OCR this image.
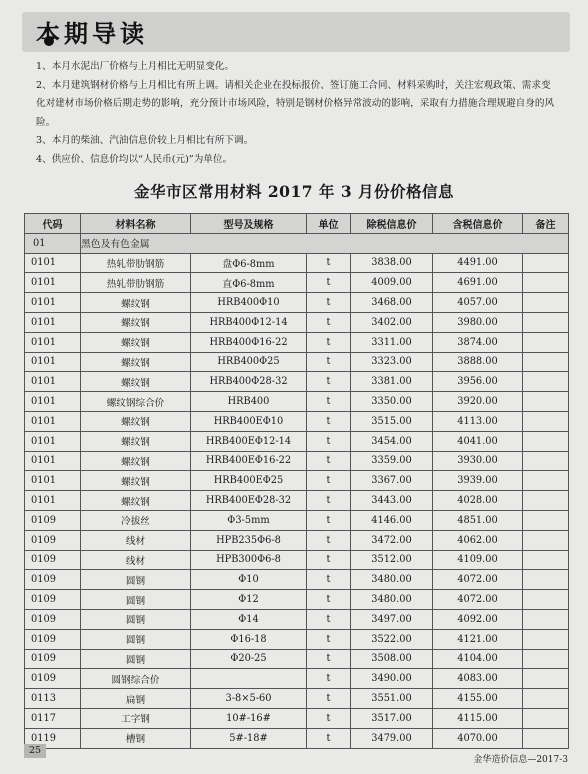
本期导读

1、本月水泥出厂价格与上月相比无明显变化。

2、本月建筑钢材价格与上月相比有所上调。请相关企业在投标报价、签订施工合同、材料采购时，关注宏观政策、需求变化对建材市场价格后期走势的影响，充分预计市场风险，特别是钢材价格异常波动的影响，采取有力措施合理规避自身的风险。

3、本月的柴油、汽油信息价较上月相比有所下调。

4、供应价、信息价均以“人民币(元)”为单位。

金华市区常用材料 2017 年 3 月份价格信息
代码	材料名称	型号及规格	单位	除税信息价	含税信息价	备注
01	黑色及有色金属					
0101	热轧带肋钢筋	盘Φ6-8mm	t	3838.00	4491.00	
0101	热轧带肋钢筋	直Φ6-8mm	t	4009.00	4691.00	
0101	螺纹钢	HRB400Φ10	t	3468.00	4057.00	
0101	螺纹钢	HRB400Φ12-14	t	3402.00	3980.00	
0101	螺纹钢	HRB400Φ16-22	t	3311.00	3874.00	
0101	螺纹钢	HRB400Φ25	t	3323.00	3888.00	
0101	螺纹钢	HRB400Φ28-32	t	3381.00	3956.00	
0101	螺纹钢综合价	HRB400	t	3350.00	3920.00	
0101	螺纹钢	HRB400EΦ10	t	3515.00	4113.00	
0101	螺纹钢	HRB400EΦ12-14	t	3454.00	4041.00	
0101	螺纹钢	HRB400EΦ16-22	t	3359.00	3930.00	
0101	螺纹钢	HRB400EΦ25	t	3367.00	3939.00	
0101	螺纹钢	HRB400EΦ28-32	t	3443.00	4028.00	
0109	冷拔丝	Φ3-5mm	t	4146.00	4851.00	
0109	线材	HPB235Φ6-8	t	3472.00	4062.00	
0109	线材	HPB300Φ6-8	t	3512.00	4109.00	
0109	圆钢	Φ10	t	3480.00	4072.00	
0109	圆钢	Φ12	t	3480.00	4072.00	
0109	圆钢	Φ14	t	3497.00	4092.00	
0109	圆钢	Φ16-18	t	3522.00	4121.00	
0109	圆钢	Φ20-25	t	3508.00	4104.00	
0109	圆钢综合价		t	3490.00	4083.00	
0113	扁钢	3-8×5-60	t	3551.00	4155.00	
0117	工字钢	10#-16#	t	3517.00	4115.00	
0119	槽钢	5#-18#	t	3479.00	4070.00	
25
金华造价信息—2017-3
